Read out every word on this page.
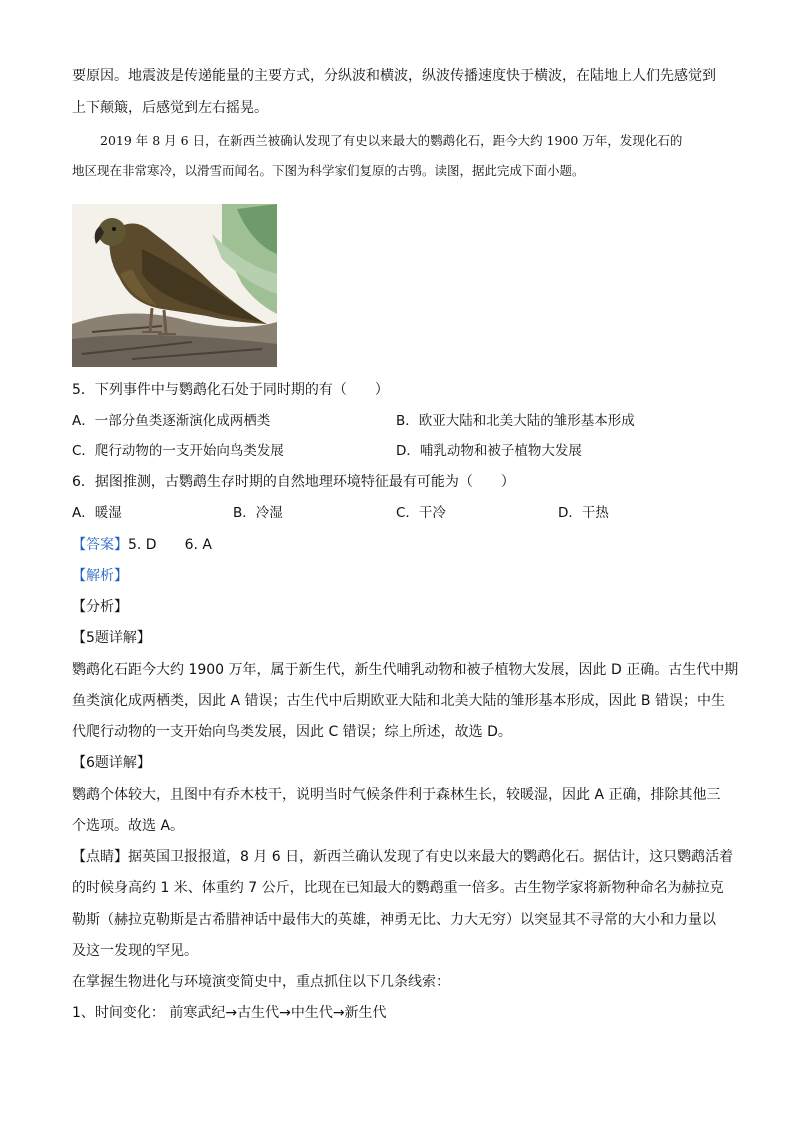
要原因。地震波是传递能量的主要方式，分纵波和横波，纵波传播速度快于横波，在陆地上人们先感觉到
上下颠簸，后感觉到左右摇晃。
2019 年 8 月 6 日，在新西兰被确认发现了有史以来最大的鹦鹉化石，距今大约 1900 万年，发现化石的
地区现在非常寒冷，以滑雪而闻名。下图为科学家们复原的古鸮。读图，据此完成下面小题。
5．下列事件中与鹦鹉化石处于同时期的有（　　）
A．一部分鱼类逐渐演化成两栖类	B．欧亚大陆和北美大陆的雏形基本形成
C．爬行动物的一支开始向鸟类发展	D．哺乳动物和被子植物大发展
6．据图推测，古鹦鹉生存时期的自然地理环境特征最有可能为（　　）
A．暖湿	B．冷湿	C．干冷	D．干热
【答案】5. D　　6. A
【解析】
【分析】
【5题详解】
鹦鹉化石距今大约 1900 万年，属于新生代，新生代哺乳动物和被子植物大发展，因此 D 正确。古生代中期
鱼类演化成两栖类，因此 A 错误；古生代中后期欧亚大陆和北美大陆的雏形基本形成，因此 B 错误；中生
代爬行动物的一支开始向鸟类发展，因此 C 错误；综上所述，故选 D。
【6题详解】
鹦鹉个体较大，且图中有乔木枝干，说明当时气候条件利于森林生长，较暖湿，因此 A 正确，排除其他三
个选项。故选 A。
【点睛】据英国卫报报道，8 月 6 日，新西兰确认发现了有史以来最大的鹦鹉化石。据估计，这只鹦鹉活着
的时候身高约 1 米、体重约 7 公斤，比现在已知最大的鹦鹉重一倍多。古生物学家将新物种命名为赫拉克
勒斯（赫拉克勒斯是古希腊神话中最伟大的英雄，神勇无比、力大无穷）以突显其不寻常的大小和力量以
及这一发现的罕见。
在掌握生物进化与环境演变简史中，重点抓住以下几条线索：
1、时间变化： 前寒武纪→古生代→中生代→新生代
